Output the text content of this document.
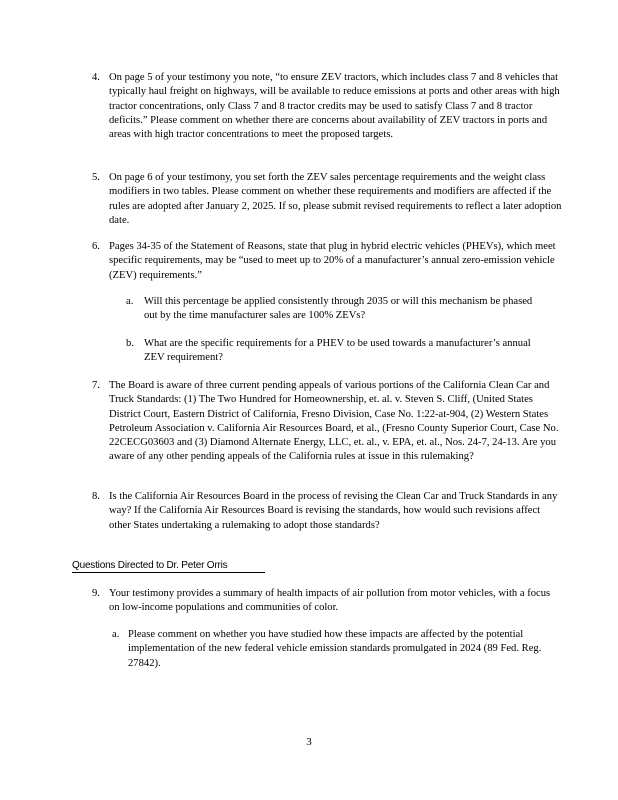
4. On page 5 of your testimony you note, “to ensure ZEV tractors, which includes class 7 and 8 vehicles that typically haul freight on highways, will be available to reduce emissions at ports and other areas with high tractor concentrations, only Class 7 and 8 tractor credits may be used to satisfy Class 7 and 8 tractor deficits.” Please comment on whether there are concerns about availability of ZEV tractors in ports and areas with high tractor concentrations to meet the proposed targets.
5. On page 6 of your testimony, you set forth the ZEV sales percentage requirements and the weight class modifiers in two tables. Please comment on whether these requirements and modifiers are affected if the rules are adopted after January 2, 2025. If so, please submit revised requirements to reflect a later adoption date.
6. Pages 34-35 of the Statement of Reasons, state that plug in hybrid electric vehicles (PHEVs), which meet specific requirements, may be “used to meet up to 20% of a manufacturer’s annual zero-emission vehicle (ZEV) requirements.”
a.	Will this percentage be applied consistently through 2035 or will this mechanism be phased out by the time manufacturer sales are 100% ZEVs?
b. What are the specific requirements for a PHEV to be used towards a manufacturer’s annual ZEV requirement?
7. The Board is aware of three current pending appeals of various portions of the California Clean Car and Truck Standards: (1) The Two Hundred for Homeownership, et. al. v. Steven S. Cliff, (United States District Court, Eastern District of California, Fresno Division, Case No. 1:22-at-904, (2) Western States Petroleum Association v. California Air Resources Board, et al., (Fresno County Superior Court, Case No. 22CECG03603 and (3) Diamond Alternate Energy, LLC, et. al., v. EPA, et. al., Nos. 24-7, 24-13. Are you aware of any other pending appeals of the California rules at issue in this rulemaking?
8. Is the California Air Resources Board in the process of revising the Clean Car and Truck Standards in any way? If the California Air Resources Board is revising the standards, how would such revisions affect other States undertaking a rulemaking to adopt those standards?
Questions Directed to Dr. Peter Orris
9. Your testimony provides a summary of health impacts of air pollution from motor vehicles, with a focus on low-income populations and communities of color.
a. Please comment on whether you have studied how these impacts are affected by the potential implementation of the new federal vehicle emission standards promulgated in 2024 (89 Fed. Reg. 27842).
3
